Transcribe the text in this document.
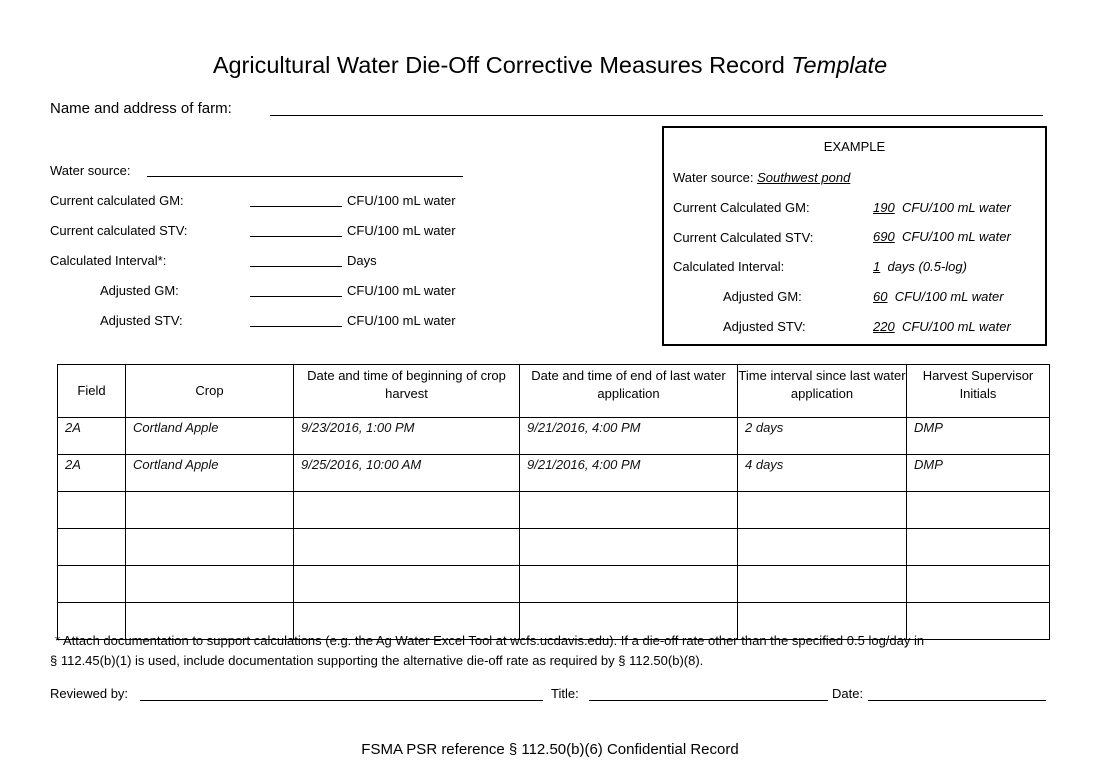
Agricultural Water Die-Off Corrective Measures Record Template
Name and address of farm:
Water source:
Current calculated GM:	CFU/100 mL water
Current calculated STV:	CFU/100 mL water
Calculated Interval*:	Days
Adjusted GM:	CFU/100 mL water
Adjusted STV:	CFU/100 mL water
EXAMPLE
Water source: Southwest pond
Current Calculated GM:	190 CFU/100 mL water
Current Calculated STV:	690 CFU/100 mL water
Calculated Interval:	1 days (0.5-log)
Adjusted GM:	60 CFU/100 mL water
Adjusted STV:	220 CFU/100 mL water
Field	Crop	Date and time of beginning of crop harvest	Date and time of end of last water application	Time interval since last water application	Harvest Supervisor Initials
2A	Cortland Apple	9/23/2016, 1:00 PM	9/21/2016, 4:00 PM	2 days	DMP
2A	Cortland Apple	9/25/2016, 10:00 AM	9/21/2016, 4:00 PM	4 days	DMP

* Attach documentation to support calculations (e.g. the Ag Water Excel Tool at wcfs.ucdavis.edu). If a die-off rate other than the specified 0.5 log/day in
§ 112.45(b)(1) is used, include documentation supporting the alternative die-off rate as required by § 112.50(b)(8).
Reviewed by:	Title:	Date:
FSMA PSR reference § 112.50(b)(6) Confidential Record
